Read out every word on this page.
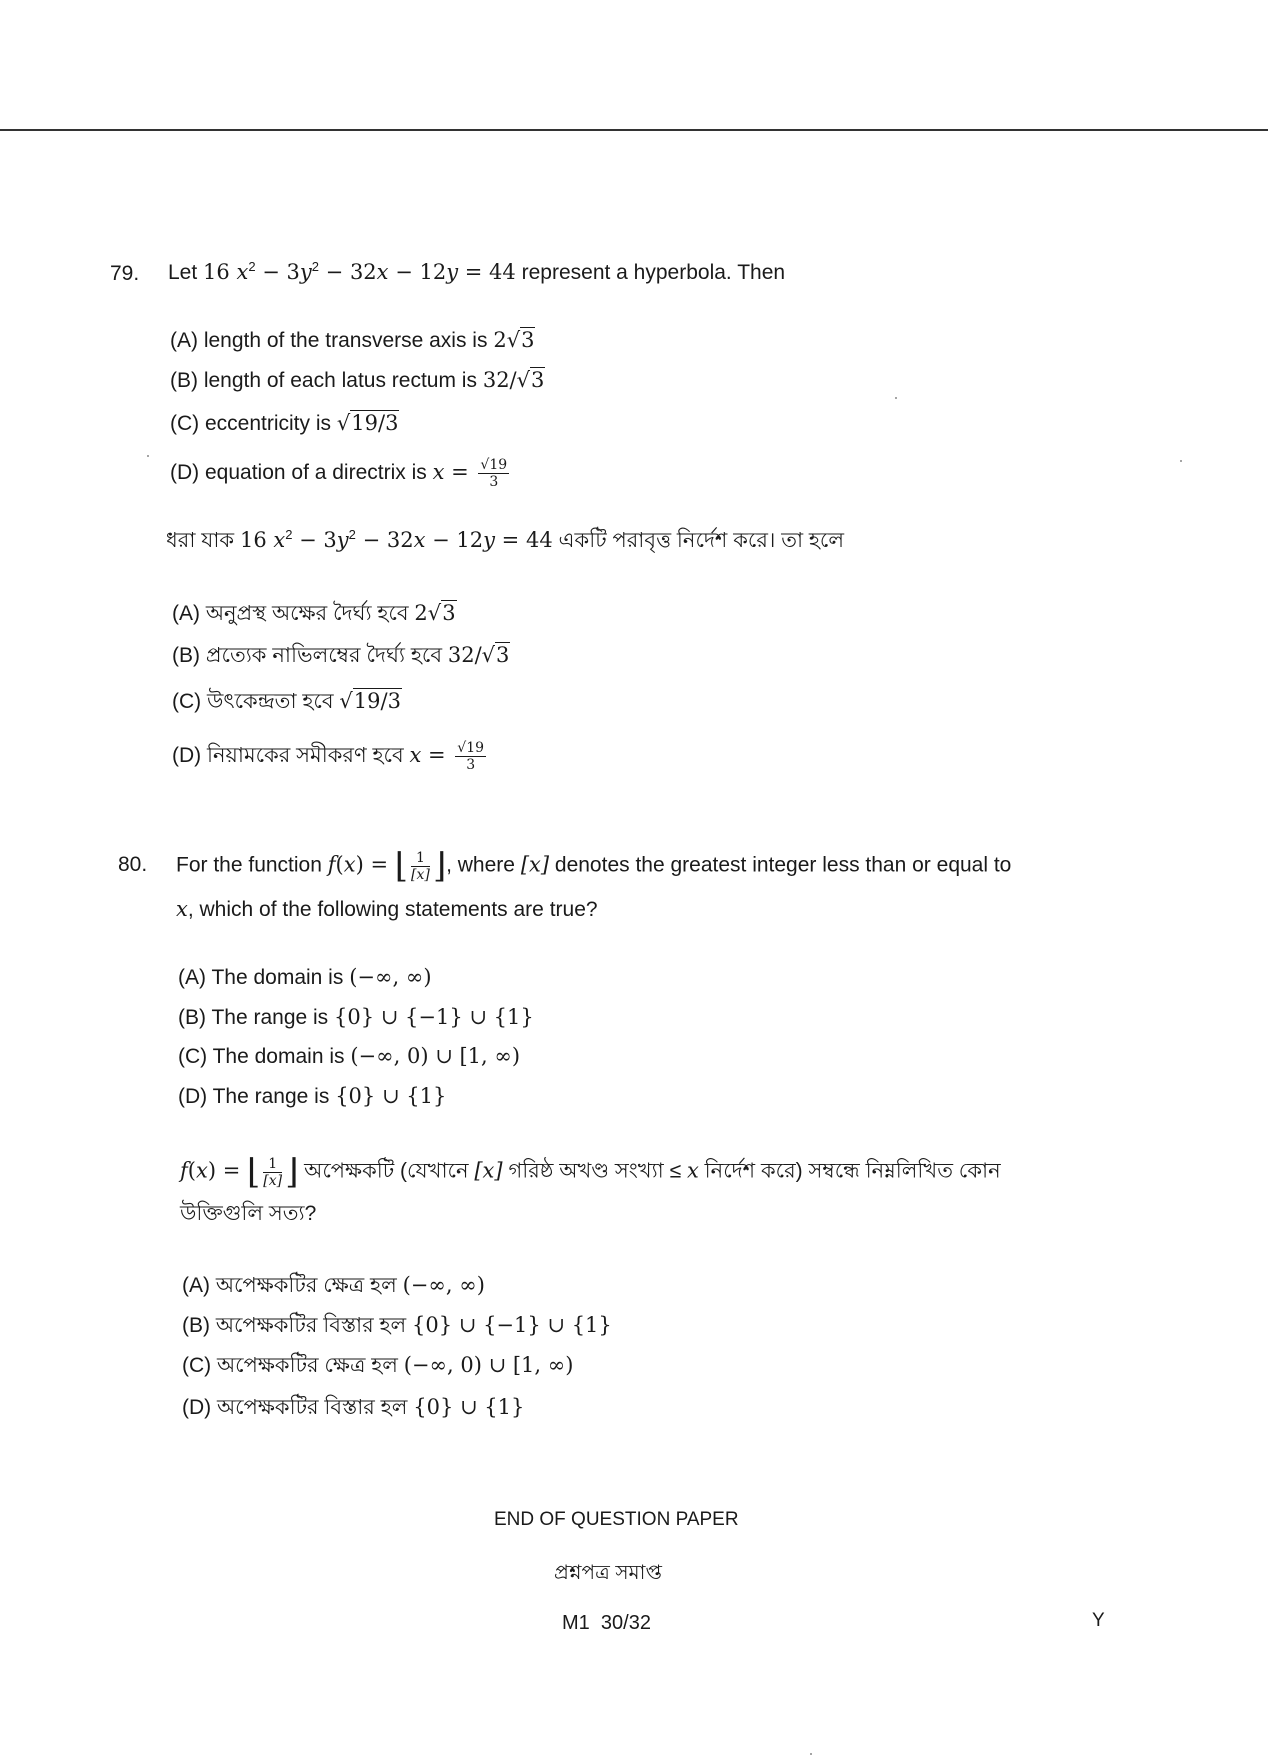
79. Let 16 $x^2 - 3y^2 - 32x - 12y = 44$ represent a hyperbola. Then
(A) length of the transverse axis is 2√3
(B) length of each latus rectum is 32/√3
(C) eccentricity is √19/3
(D) equation of a directrix is $x = \frac{√19}{3}$
ধরা যাক 16 $x^2 - 3y^2 - 32x - 12y = 44$ একটি পরাবৃত্ত নির্দেশ করে। তা হলে
(A) অনুপ্রস্থ অক্ষের দৈর্ঘ্য হবে 2√3
(B) প্রত্যেক নাভিলম্বের দৈর্ঘ্য হবে 32/√3
(C) উৎকেন্দ্রতা হবে √19/3
(D) নিয়ামকের সমীকরণ হবে $x = \frac{√19}{3}$
80. For the function f(x) = ⌊ $\frac{1}{[x]}$ ⌋ , where [x] denotes the greatest integer less than or equal to
x, which of the following statements are true?
(A) The domain is (−∞, ∞)
(B) The range is {0} ∪ {−1} ∪ {1}
(C) The domain is (−∞, 0) ∪ [1, ∞)
(D) The range is {0} ∪ {1}
f(x) = ⌊ $\frac{1}{[x]}$ ⌋ অপেক্ষকটি (যেখানে [x] গরিষ্ঠ অখণ্ড সংখ্যা ≤ x নির্দেশ করে) সম্বন্ধে নিম্নলিখিত কোন
উক্তিগুলি সত্য?
(A) অপেক্ষকটির ক্ষেত্র হল (−∞, ∞)
(B) অপেক্ষকটির বিস্তার হল {0} ∪ {−1} ∪ {1}
(C) অপেক্ষকটির ক্ষেত্র হল (−∞, 0) ∪ [1, ∞)
(D) অপেক্ষকটির বিস্তার হল {0} ∪ {1}
END OF QUESTION PAPER
প্রশ্নপত্র সমাপ্ত
M1 30/32	Y
